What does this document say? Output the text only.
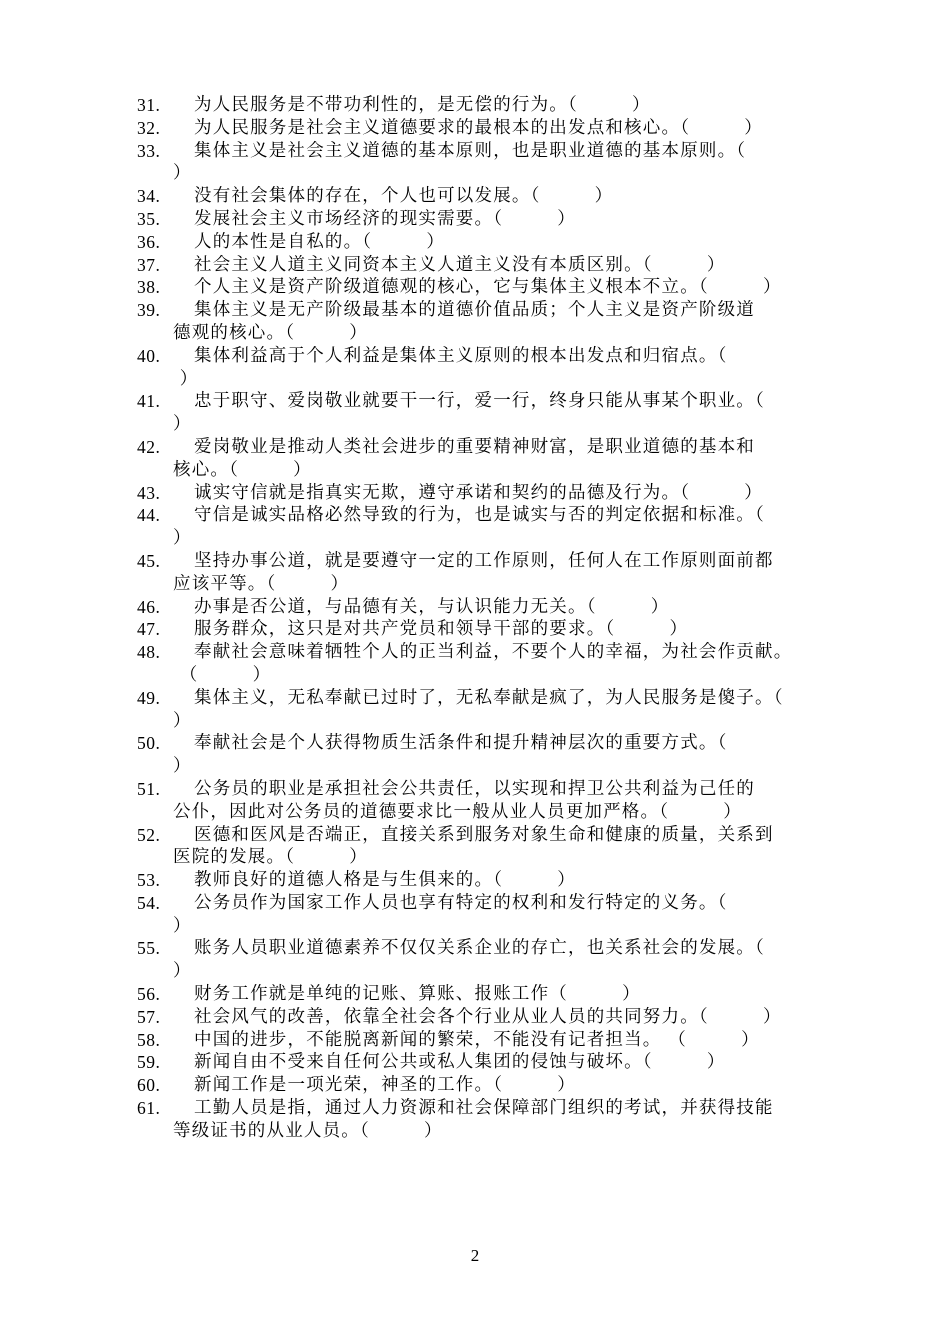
31.	为人民服务是不带功利性的，是无偿的行为。（        ）
32.	为人民服务是社会主义道德要求的最根本的出发点和核心。（        ）
33.	集体主义是社会主义道德的基本原则，也是职业道德的基本原则。（
）
34.	没有社会集体的存在，个人也可以发展。（        ）
35.	发展社会主义市场经济的现实需要。（        ）
36.	人的本性是自私的。（        ）
37.	社会主义人道主义同资本主义人道主义没有本质区别。（        ）
38.	个人主义是资产阶级道德观的核心，它与集体主义根本不立。（        ）
39.	集体主义是无产阶级最基本的道德价值品质；个人主义是资产阶级道
德观的核心。（        ）
40.	集体利益高于个人利益是集体主义原则的根本出发点和归宿点。（
）
41.	忠于职守、爱岗敬业就要干一行，爱一行，终身只能从事某个职业。（
）
42.	爱岗敬业是推动人类社会进步的重要精神财富，是职业道德的基本和
核心。（        ）
43.	诚实守信就是指真实无欺，遵守承诺和契约的品德及行为。（        ）
44.	守信是诚实品格必然导致的行为，也是诚实与否的判定依据和标准。（
）
45.	坚持办事公道，就是要遵守一定的工作原则，任何人在工作原则面前都
应该平等。（        ）
46.	办事是否公道，与品德有关，与认识能力无关。（        ）
47.	服务群众，这只是对共产党员和领导干部的要求。（        ）
48.	奉献社会意味着牺牲个人的正当利益，不要个人的幸福，为社会作贡献。
（        ）
49.	集体主义，无私奉献已过时了，无私奉献是疯了，为人民服务是傻子。（
）
50.	奉献社会是个人获得物质生活条件和提升精神层次的重要方式。（
）
51.	公务员的职业是承担社会公共责任，以实现和捍卫公共利益为己任的
公仆，因此对公务员的道德要求比一般从业人员更加严格。（        ）
52.	医德和医风是否端正，直接关系到服务对象生命和健康的质量，关系到
医院的发展。（        ）
53.	教师良好的道德人格是与生俱来的。（        ）
54.	公务员作为国家工作人员也享有特定的权利和发行特定的义务。（
）
55.	账务人员职业道德素养不仅仅关系企业的存亡，也关系社会的发展。（
）
56.	财务工作就是单纯的记账、算账、报账工作（        ）
57.	社会风气的改善，依靠全社会各个行业从业人员的共同努力。（        ）
58.	中国的进步，不能脱离新闻的繁荣，不能没有记者担当。 （        ）
59.	新闻自由不受来自任何公共或私人集团的侵蚀与破坏。（        ）
60.	新闻工作是一项光荣，神圣的工作。（        ）
61.	工勤人员是指，通过人力资源和社会保障部门组织的考试，并获得技能
等级证书的从业人员。（        ）
2
